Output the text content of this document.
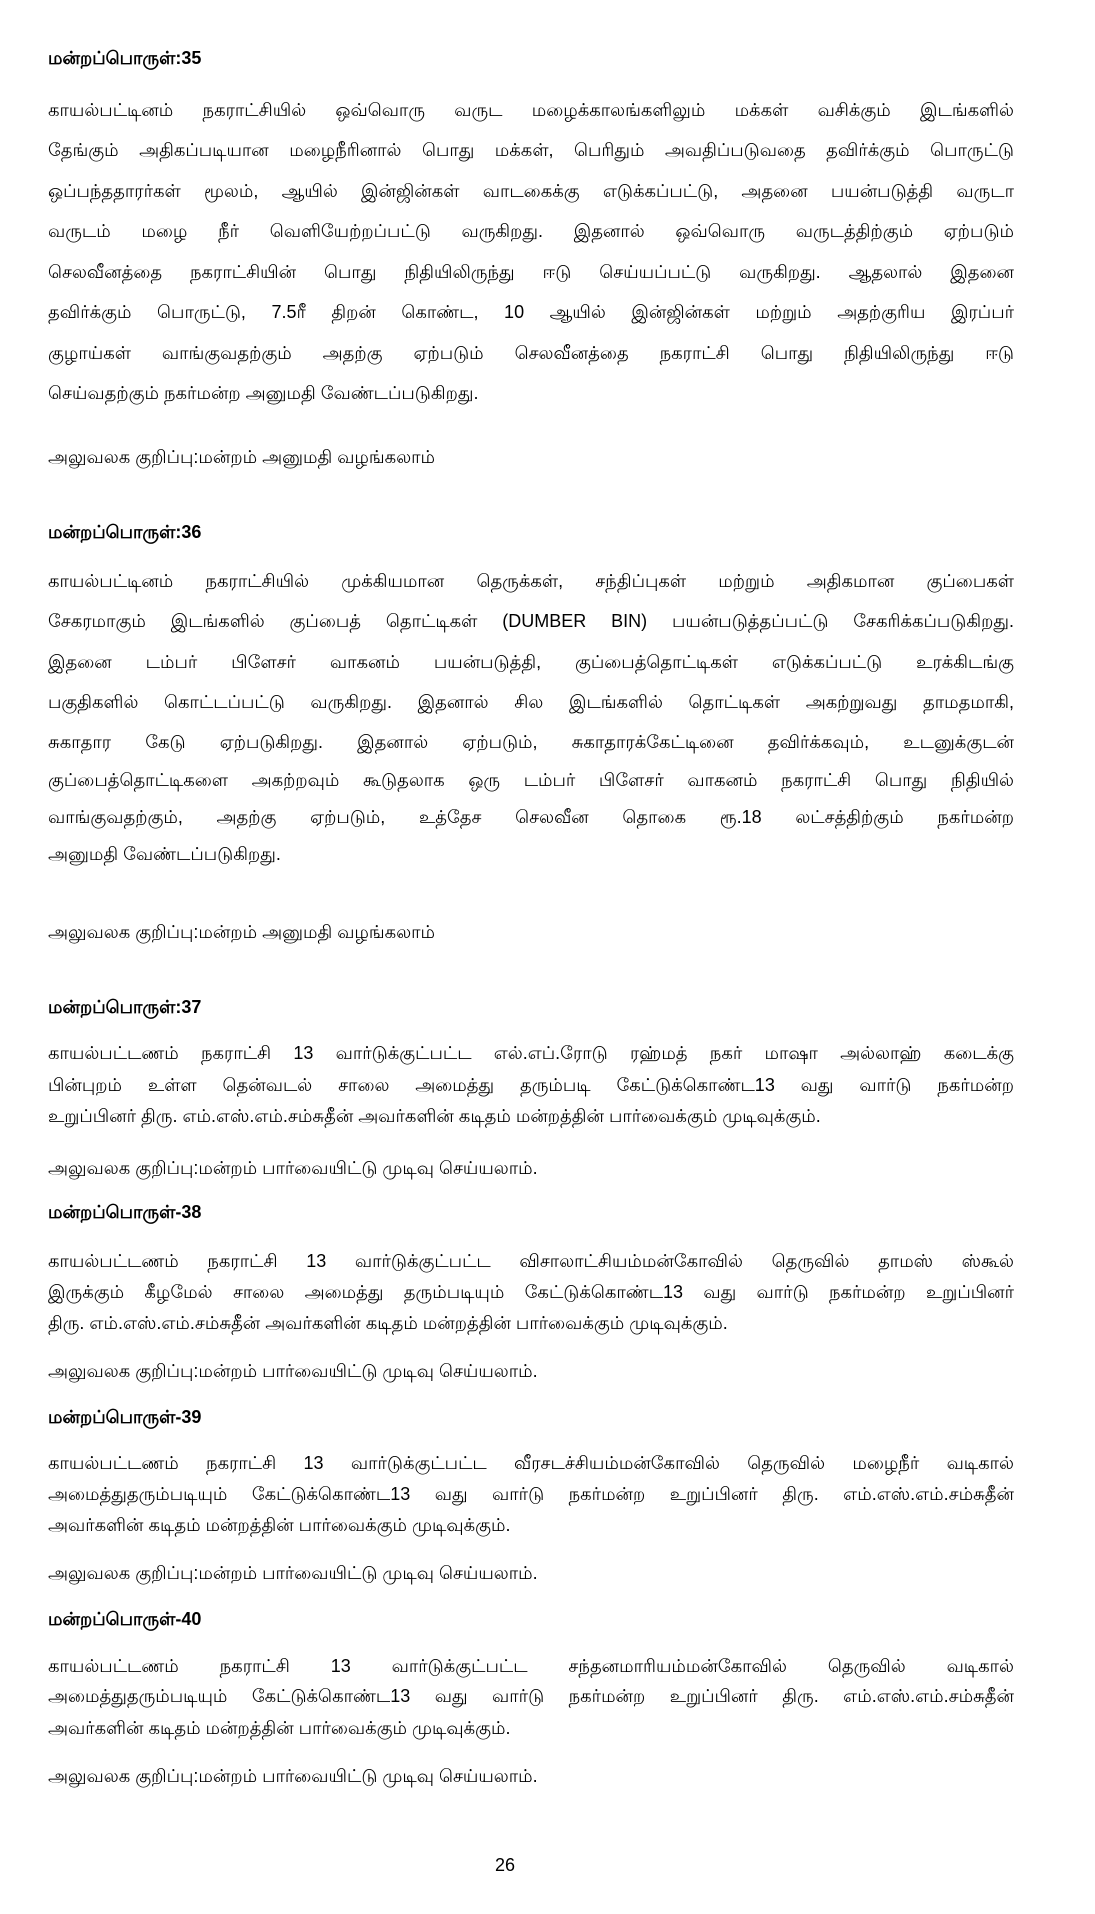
மன்றப்பொருள்:35
காயல்பட்டினம் நகராட்சியில் ஒவ்வொரு வருட மழைக்காலங்களிலும் மக்கள் வசிக்கும் இடங்களில்
தேங்கும் அதிகப்படியான மழைநீரினால் பொது மக்கள், பெரிதும் அவதிப்படுவதை தவிர்க்கும் பொருட்டு
ஒப்பந்ததாரர்கள் மூலம், ஆயில் இன்ஜின்கள் வாடகைக்கு எடுக்கப்பட்டு, அதனை பயன்படுத்தி வருடா
வருடம் மழை நீர் வெளியேற்றப்பட்டு வருகிறது. இதனால் ஒவ்வொரு வருடத்திற்கும் ஏற்படும்
செலவீனத்தை நகராட்சியின் பொது நிதியிலிருந்து ஈடு செய்யப்பட்டு வருகிறது. ஆதலால் இதனை
தவிர்க்கும் பொருட்டு, 7.5ரீ திறன் கொண்ட, 10 ஆயில் இன்ஜின்கள் மற்றும் அதற்குரிய இரப்பர்
குழாய்கள் வாங்குவதற்கும் அதற்கு ஏற்படும் செலவீனத்தை நகராட்சி பொது நிதியிலிருந்து ஈடு
செய்வதற்கும் நகர்மன்ற அனுமதி வேண்டப்படுகிறது.
அலுவலக குறிப்பு:மன்றம் அனுமதி வழங்கலாம்
மன்றப்பொருள்:36
காயல்பட்டினம் நகராட்சியில் முக்கியமான தெருக்கள், சந்திப்புகள் மற்றும் அதிகமான குப்பைகள்
சேகரமாகும் இடங்களில் குப்பைத் தொட்டிகள் (DUMBER BIN) பயன்படுத்தப்பட்டு சேகரிக்கப்படுகிறது.
இதனை டம்பர் பிளேசர் வாகனம் பயன்படுத்தி, குப்பைத்தொட்டிகள் எடுக்கப்பட்டு உரக்கிடங்கு
பகுதிகளில் கொட்டப்பட்டு வருகிறது. இதனால் சில இடங்களில் தொட்டிகள் அகற்றுவது தாமதமாகி,
சுகாதார கேடு ஏற்படுகிறது. இதனால் ஏற்படும், சுகாதாரக்கேட்டினை தவிர்க்கவும், உடனுக்குடன்
குப்பைத்தொட்டிகளை அகற்றவும் கூடுதலாக ஒரு டம்பர் பிளேசர் வாகனம் நகராட்சி பொது நிதியில்
வாங்குவதற்கும், அதற்கு ஏற்படும், உத்தேச செலவீன தொகை ரூ.18 லட்சத்திற்கும் நகர்மன்ற
அனுமதி வேண்டப்படுகிறது.
அலுவலக குறிப்பு:மன்றம் அனுமதி வழங்கலாம்
மன்றப்பொருள்:37
காயல்பட்டணம் நகராட்சி 13 வார்டுக்குட்பட்ட எல்.எப்.ரோடு ரஹ்மத் நகர் மாஷா அல்லாஹ் கடைக்கு
பின்புறம் உள்ள தென்வடல் சாலை அமைத்து தரும்படி கேட்டுக்கொண்ட13 வது வார்டு நகர்மன்ற
உறுப்பினர் திரு. எம்.எஸ்.எம்.சம்சுதீன் அவர்களின் கடிதம் மன்றத்தின் பார்வைக்கும் முடிவுக்கும்.
அலுவலக குறிப்பு:மன்றம் பார்வையிட்டு முடிவு செய்யலாம்.
மன்றப்பொருள்-38
காயல்பட்டணம் நகராட்சி 13 வார்டுக்குட்பட்ட விசாலாட்சியம்மன்கோவில் தெருவில் தாமஸ் ஸ்கூல்
இருக்கும் கீழமேல் சாலை அமைத்து தரும்படியும் கேட்டுக்கொண்ட13 வது வார்டு நகர்மன்ற உறுப்பினர்
திரு. எம்.எஸ்.எம்.சம்சுதீன் அவர்களின் கடிதம் மன்றத்தின் பார்வைக்கும் முடிவுக்கும்.
அலுவலக குறிப்பு:மன்றம் பார்வையிட்டு முடிவு செய்யலாம்.
மன்றப்பொருள்-39
காயல்பட்டணம் நகராட்சி 13 வார்டுக்குட்பட்ட வீரசடச்சியம்மன்கோவில் தெருவில் மழைநீர் வடிகால்
அமைத்துதரும்படியும் கேட்டுக்கொண்ட13 வது வார்டு நகர்மன்ற உறுப்பினர் திரு. எம்.எஸ்.எம்.சம்சுதீன்
அவர்களின் கடிதம் மன்றத்தின் பார்வைக்கும் முடிவுக்கும்.
அலுவலக குறிப்பு:மன்றம் பார்வையிட்டு முடிவு செய்யலாம்.
மன்றப்பொருள்-40
காயல்பட்டணம் நகராட்சி 13 வார்டுக்குட்பட்ட சந்தனமாரியம்மன்கோவில் தெருவில் வடிகால்
அமைத்துதரும்படியும் கேட்டுக்கொண்ட13 வது வார்டு நகர்மன்ற உறுப்பினர் திரு. எம்.எஸ்.எம்.சம்சுதீன்
அவர்களின் கடிதம் மன்றத்தின் பார்வைக்கும் முடிவுக்கும்.
அலுவலக குறிப்பு:மன்றம் பார்வையிட்டு முடிவு செய்யலாம்.
26
